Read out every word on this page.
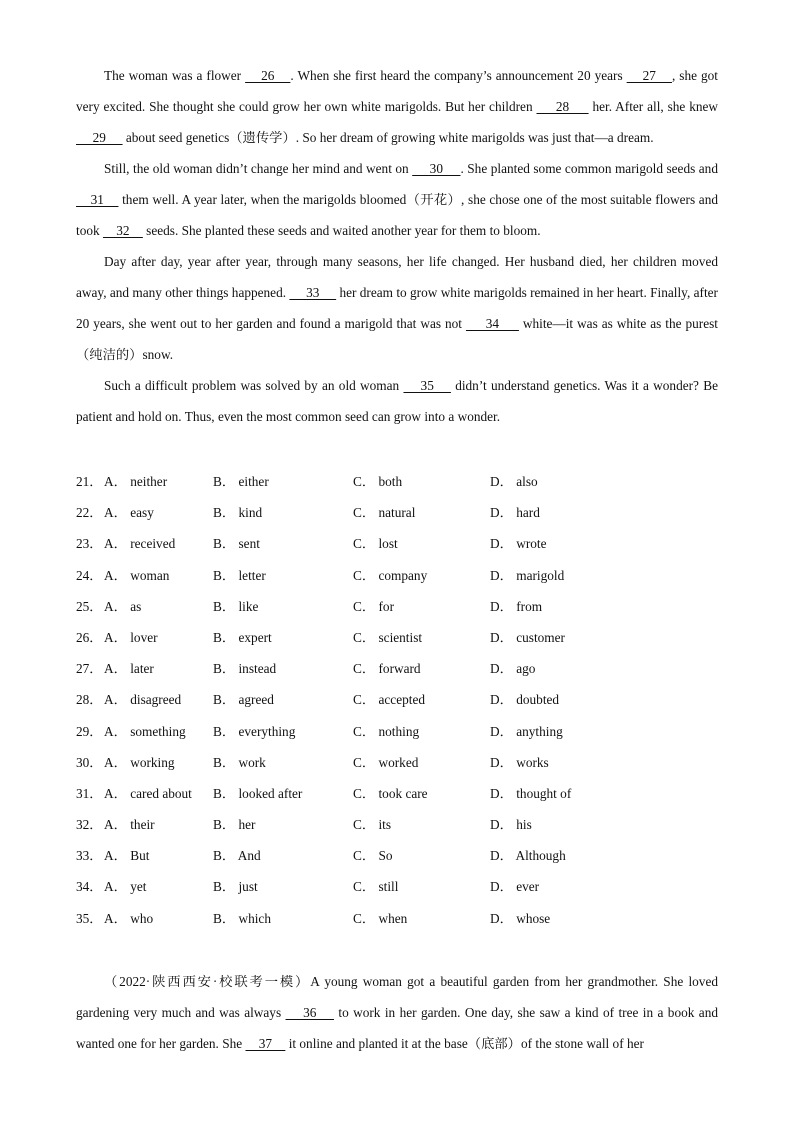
The woman was a flower     26    . When she first heard the company’s announcement 20 years     27    , she got very excited. She thought she could grow her own white marigolds. But her children      28      her. After all, she knew      29      about seed genetics（遗传学）. So her dream of growing white marigolds was just that—a dream.

Still, the old woman didn’t change her mind and went on      30     . She planted some common marigold seeds and     31     them well. A year later, when the marigolds bloomed（开花）, she chose one of the most suitable flowers and took     32     seeds. She planted these seeds and waited another year for them to bloom.

Day after day, year after year, through many seasons, her life changed. Her husband died, her children moved away, and many other things happened.      33      her dream to grow white marigolds remained in her heart. Finally, after 20 years, she went out to her garden and found a marigold that was not      34      white—it was as white as the purest（纯洁的）snow.

Such a difficult problem was solved by an old woman     35     didn’t understand genetics. Was it a wonder? Be patient and hold on. Thus, even the most common seed can grow into a wonder.

21． A． neither	B． either	C． both	D． also
22． A． easy	B． kind	C． natural	D． hard
23． A． received	B． sent	C． lost	D． wrote
24． A． woman	B． letter	C． company	D． marigold
25． A． as	B． like	C． for	D． from
26． A． lover	B． expert	C． scientist	D． customer
27． A． later	B． instead	C． forward	D． ago
28． A． disagreed B． agreed	C． accepted	D． doubted
29． A． something B． everything	C． nothing	D． anything
30． A． working	B． work	C． worked	D． works
31． A． cared about B． looked after	C． took care	D． thought of
32． A． their	B． her	C． its	D． his
33． A． But	B． And	C． So	D． Although
34． A． yet	B． just	C． still	D． ever
35． A． who	B． which	C． when	D． whose

（2022·陕西西安·校联考一模）A young woman got a beautiful garden from her grandmother. She loved gardening very much and was always     36     to work in her garden. One day, she saw a kind of tree in a book and wanted one for her garden. She     37     it online and planted it at the base（底部）of the stone wall of her
